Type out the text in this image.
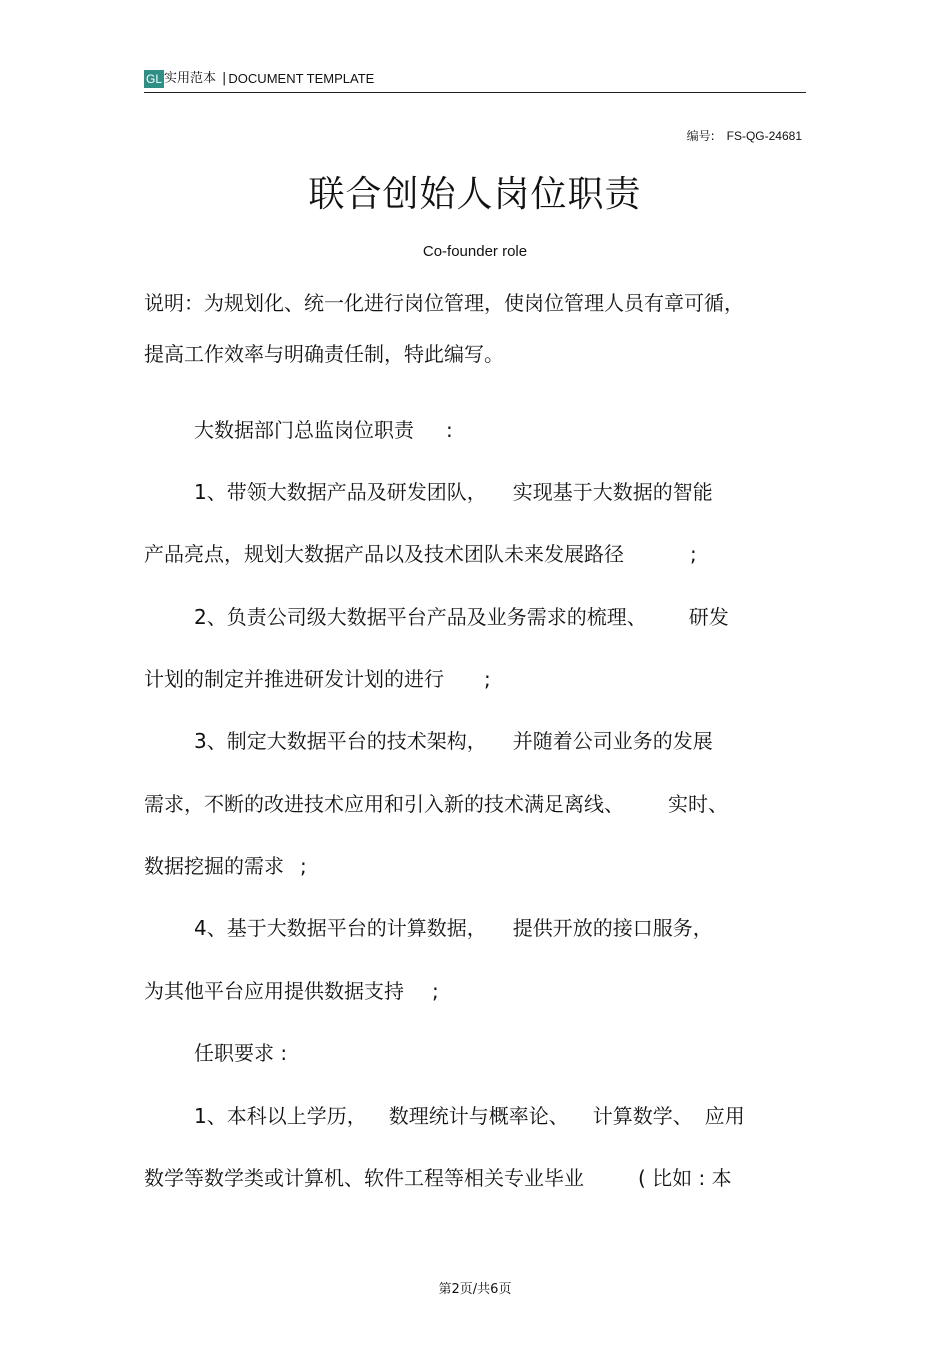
GL 实用范本 | DOCUMENT TEMPLATE
编号: FS-QG-24681
联合创始人岗位职责
Co-founder role
说明：为规划化、统一化进行岗位管理，使岗位管理人员有章可循，
提高工作效率与明确责任制，特此编写。
大数据部门总监岗位职责 :
1、带领大数据产品及研发团队， 实现基于大数据的智能
产品亮点，规划大数据产品以及技术团队未来发展路径	;
2、负责公司级大数据平台产品及业务需求的梳理、 研发
计划的制定并推进研发计划的进行 ;
3、制定大数据平台的技术架构， 并随着公司业务的发展
需求，不断的改进技术应用和引入新的技术满足离线、 实时、
数据挖掘的需求 ;
4、基于大数据平台的计算数据， 提供开放的接口服务，
为其他平台应用提供数据支持 ;
任职要求 :
1、本科以上学历， 数理统计与概率论、 计算数学、 应用
数学等数学类或计算机、软件工程等相关专业毕业	( 比如 : 本
第2页/共6页
